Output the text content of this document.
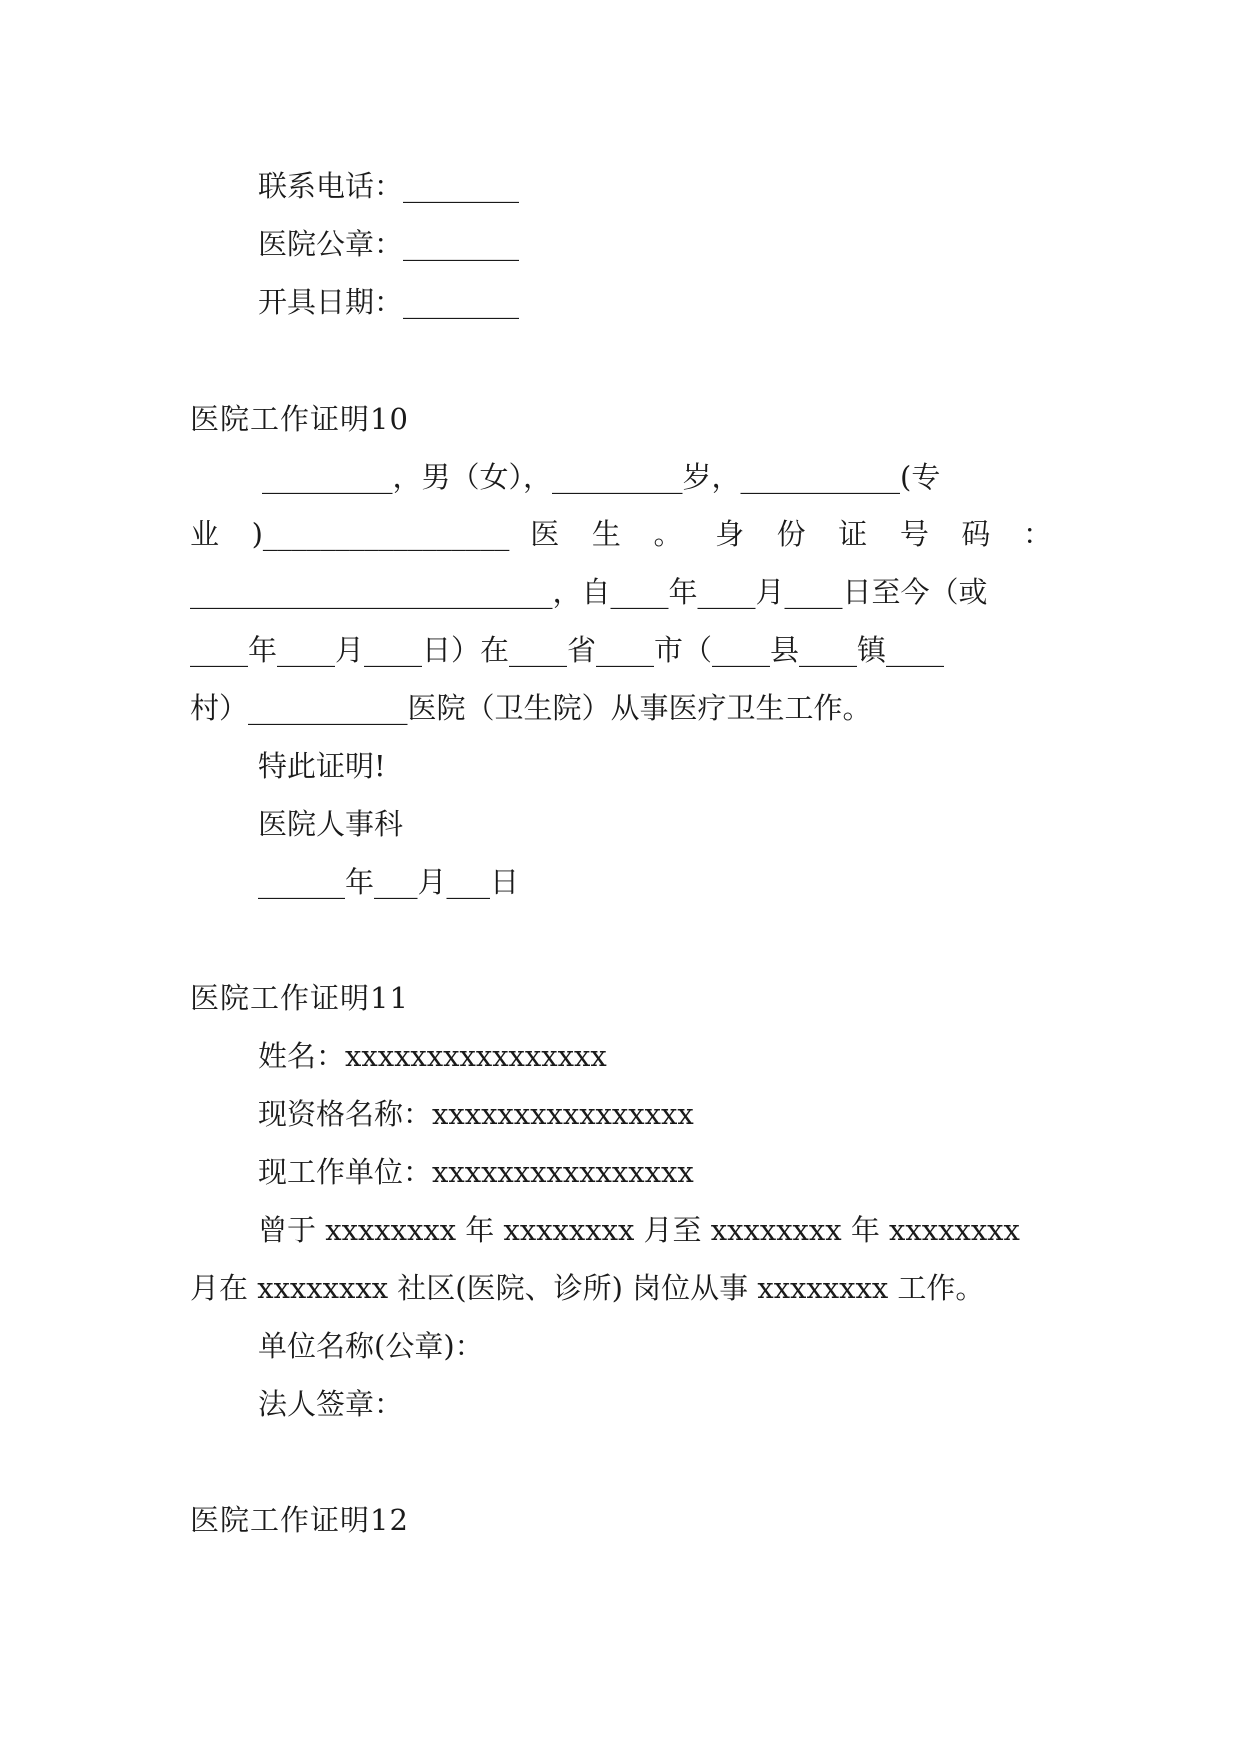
联系电话：________
医院公章：________
开具日期：________
医院工作证明10
_________，男（女），_________岁，___________(专
业 )_________________ 医 生 。 身 份 证 号 码 ：
_________________________，自____年____月____日至今（或
____年____月____日）在____省____市（____县____镇____
村）___________医院（卫生院）从事医疗卫生工作。
特此证明!
医院人事科
______年___月___日
医院工作证明11
姓名：xxxxxxxxxxxxxxxx
现资格名称：xxxxxxxxxxxxxxxx
现工作单位：xxxxxxxxxxxxxxxx
曾于 xxxxxxxx 年 xxxxxxxx 月至 xxxxxxxx 年 xxxxxxxx
月在 xxxxxxxx 社区(医院、诊所) 岗位从事 xxxxxxxx 工作。
单位名称(公章)：
法人签章：
医院工作证明12
